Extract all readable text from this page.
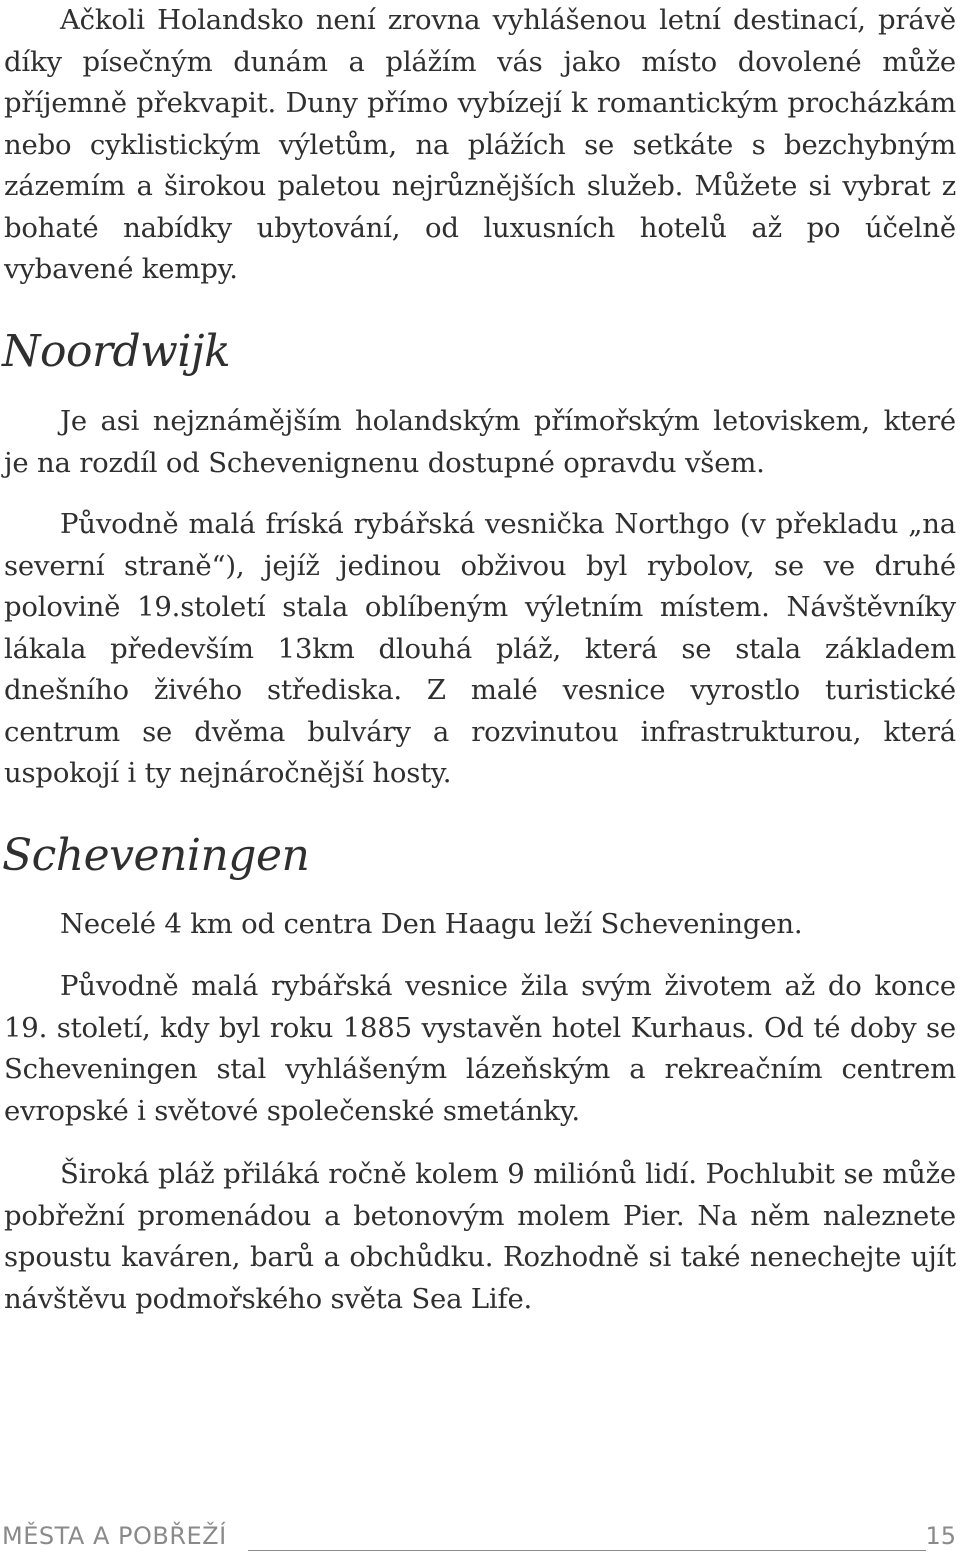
Ačkoli Holandsko není zrovna vyhlášenou letní destinací, právě díky písečným dunám a plážím vás jako místo dovolené může příjemně překvapit. Duny přímo vybízejí k romantickým procházkám nebo cyklistickým výletům, na plážích se setkáte s bezchybným zázemím a širokou paletou nejrůznějších služeb. Můžete si vybrat z bohaté nabídky ubytování, od luxusních hotelů až po účelně vybavené kempy.

Noordwijk

Je asi nejznámějším holandským přímořským letoviskem, které je na rozdíl od Schevenignenu dostupné opravdu všem.

Původně malá fríská rybářská vesnička Northgo (v překladu „na severní straně“), jejíž jedinou obživou byl rybolov, se ve druhé polovině 19.století stala oblíbeným výletním místem. Návštěvníky lákala především 13km dlouhá pláž, která se stala základem dnešního živého střediska. Z malé vesnice vyrostlo turistické centrum se dvěma bulváry a rozvinutou infrastrukturou, která uspokojí i ty nejnáročnější hosty.

Scheveningen

Necelé 4 km od centra Den Haagu leží Scheveningen.

Původně malá rybářská vesnice žila svým životem až do konce 19. století, kdy byl roku 1885 vystavěn hotel Kurhaus. Od té doby se Scheveningen stal vyhlášeným lázeňským a rekreačním centrem evropské i světové společenské smetánky.

Široká pláž přiláká ročně kolem 9 miliónů lidí. Pochlubit se může pobřežní promenádou a betonovým molem Pier. Na něm naleznete spoustu kaváren, barů a obchůdku. Rozhodně si také nenechejte ujít návštěvu podmořského světa Sea Life.

MĚSTA A POBŘEŽÍ	15
